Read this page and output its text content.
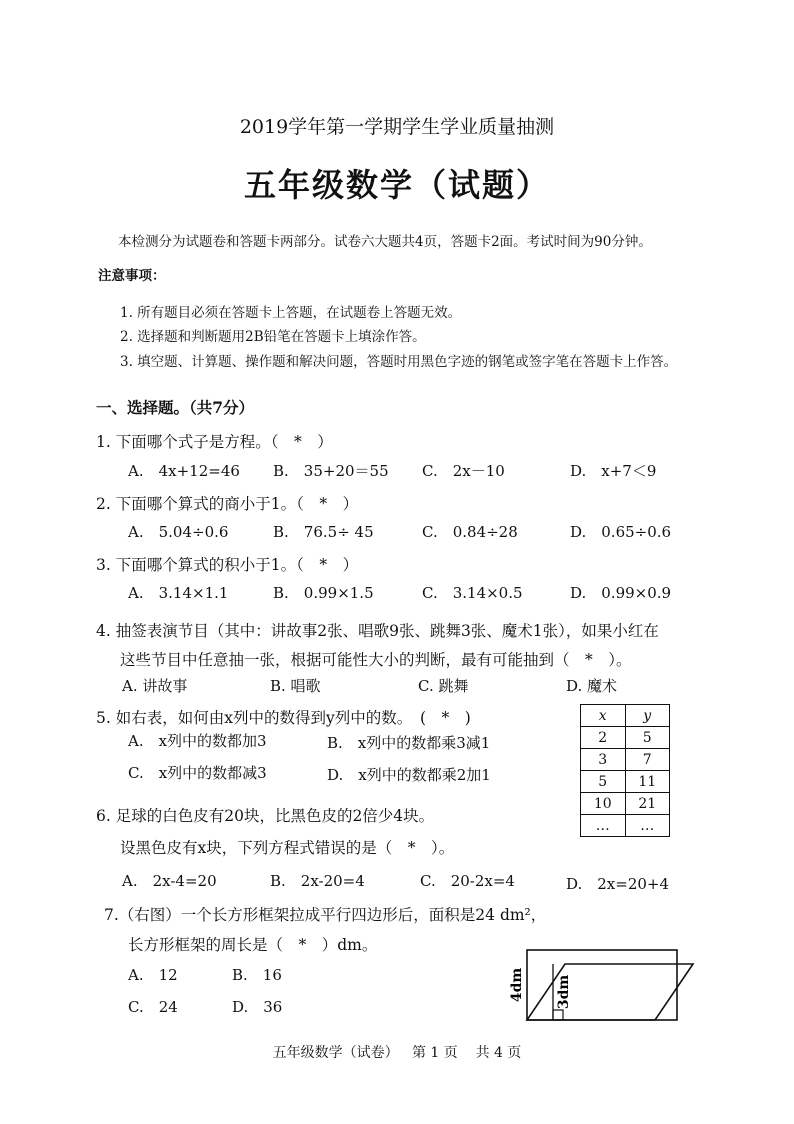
2019学年第一学期学生学业质量抽测
五年级数学（试题）
本检测分为试题卷和答题卡两部分。试卷六大题共4页，答题卡2面。考试时间为90分钟。
注意事项：
1. 所有题目必须在答题卡上答题，在试题卷上答题无效。
2. 选择题和判断题用2B铅笔在答题卡上填涂作答。
3. 填空题、计算题、操作题和解决问题，答题时用黑色字迹的钢笔或签字笔在答题卡上作答。
一、选择题。（共7分）
1. 下面哪个式子是方程。（　*　）
A.　4x+12=46 B.　35+20＝55 C.　2x－10	D.　x+7＜9
2. 下面哪个算式的商小于1。（　*　）
A.　5.04÷0.6	B.　76.5÷ 45	C.　0.84÷28	D.　0.65÷0.6
3. 下面哪个算式的积小于1。（　*　）
A.　3.14×1.1	B.　0.99×1.5	C.　3.14×0.5	D.　0.99×0.9
4. 抽签表演节目（其中：讲故事2张、唱歌9张、跳舞3张、魔术1张），如果小红在
这些节目中任意抽一张，根据可能性大小的判断，最有可能抽到（　*　）。
A. 讲故事	B. 唱歌	C. 跳舞	D. 魔术
5. 如右表，如何由x列中的数得到y列中的数。　(　*　)
A.　x列中的数都加3	B.　x列中的数都乘3减1
C.　x列中的数都减3	D.　x列中的数都乘2加1
x	y
2	5
3	7
5	11
10	21
…	…
6. 足球的白色皮有20块，比黑色皮的2倍少4块。
设黑色皮有x块，下列方程式错误的是（　*　）。
A.　2x-4=20	B.　2x-20=4	C.　20-2x=4	D.　2x=20+4
7.（右图）一个长方形框架拉成平行四边形后，面积是24 dm²，
长方形框架的周长是（　*　）dm。
A.　12	B.　16
C.　24	D.　36
4dm 3dm
五年级数学（试卷） 第 1 页 共 4 页
